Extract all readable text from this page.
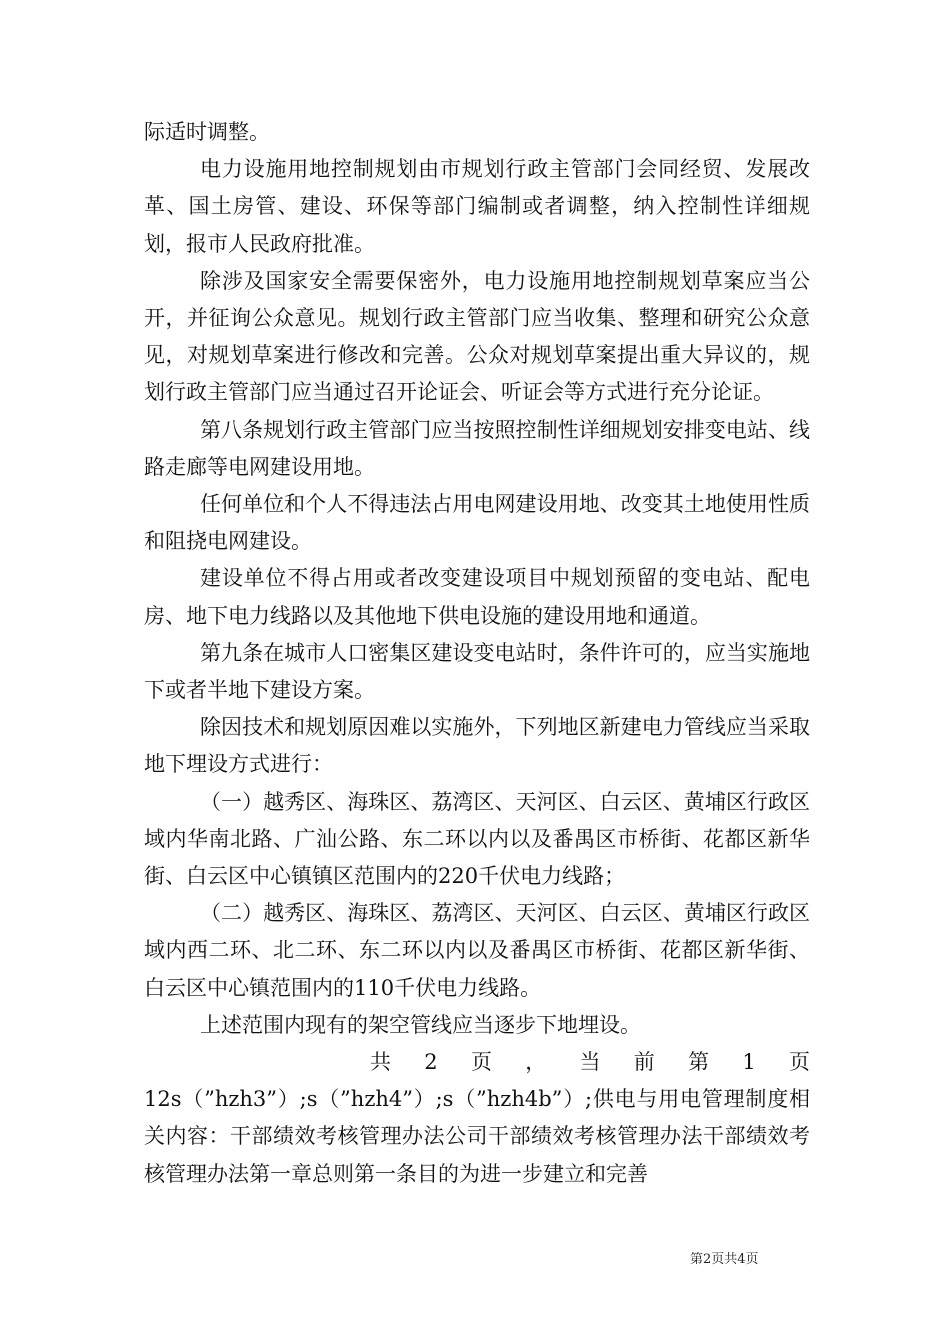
际适时调整。

电力设施用地控制规划由市规划行政主管部门会同经贸、发展改革、国土房管、建设、环保等部门编制或者调整，纳入控制性详细规划，报市人民政府批准。

除涉及国家安全需要保密外，电力设施用地控制规划草案应当公开，并征询公众意见。规划行政主管部门应当收集、整理和研究公众意见，对规划草案进行修改和完善。公众对规划草案提出重大异议的，规划行政主管部门应当通过召开论证会、听证会等方式进行充分论证。

第八条规划行政主管部门应当按照控制性详细规划安排变电站、线路走廊等电网建设用地。

任何单位和个人不得违法占用电网建设用地、改变其土地使用性质和阻挠电网建设。

建设单位不得占用或者改变建设项目中规划预留的变电站、配电房、地下电力线路以及其他地下供电设施的建设用地和通道。

第九条在城市人口密集区建设变电站时，条件许可的，应当实施地下或者半地下建设方案。

除因技术和规划原因难以实施外，下列地区新建电力管线应当采取地下埋设方式进行：

（一）越秀区、海珠区、荔湾区、天河区、白云区、黄埔区行政区域内华南北路、广汕公路、东二环以内以及番禺区市桥街、花都区新华街、白云区中心镇镇区范围内的220千伏电力线路；

（二）越秀区、海珠区、荔湾区、天河区、白云区、黄埔区行政区域内西二环、北二环、东二环以内以及番禺区市桥街、花都区新华街、白云区中心镇范围内的110千伏电力线路。

上述范围内现有的架空管线应当逐步下地埋设。

共 2 页 ， 当 前 第 1 页

12s（”hzh3”）;s（”hzh4”）;s（”hzh4b”）;供电与用电管理制度相关内容：干部绩效考核管理办法公司干部绩效考核管理办法干部绩效考核管理办法第一章总则第一条目的为进一步建立和完善

第2页共4页
